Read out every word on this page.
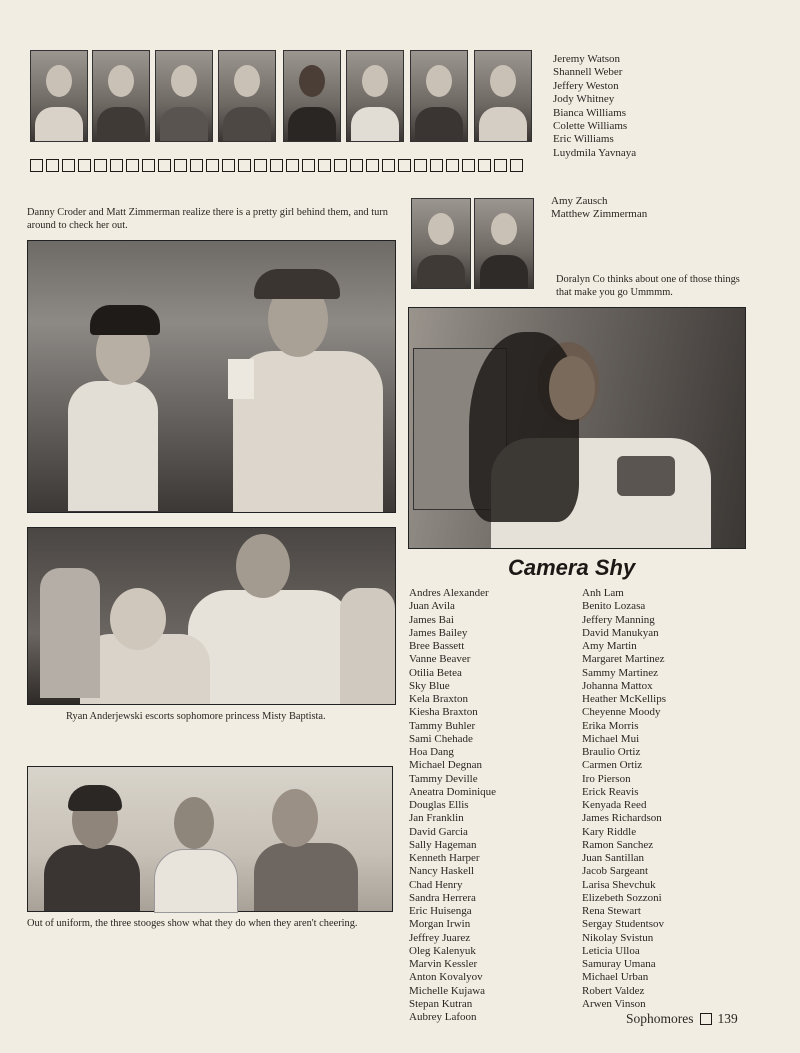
Jeremy Watson
Shannell Weber
Jeffery Weston
Jody Whitney
Bianca Williams
Colette Williams
Eric Williams
Luydmila Yavnaya
Amy Zausch
Matthew Zimmerman
Danny Croder and Matt Zimmerman realize there is a pretty girl behind them, and turn around to check her out.
Doralyn Co thinks about one of those things that make you go Ummmm.
Ryan Anderjewski escorts sophomore princess Misty Baptista.
Out of uniform, the three stooges show what they do when they aren't cheering.
Camera Shy
Andres Alexander
Juan Avila
James Bai
James Bailey
Bree Bassett
Vanne Beaver
Otilia Betea
Sky Blue
Kela Braxton
Kiesha Braxton
Tammy Buhler
Sami Chehade
Hoa Dang
Michael Degnan
Tammy Deville
Aneatra Dominique
Douglas Ellis
Jan Franklin
David Garcia
Sally Hageman
Kenneth Harper
Nancy Haskell
Chad Henry
Sandra Herrera
Eric Huisenga
Morgan Irwin
Jeffrey Juarez
Oleg Kalenyuk
Marvin Kessler
Anton Kovalyov
Michelle Kujawa
Stepan Kutran
Aubrey Lafoon
Anh Lam
Benito Lozasa
Jeffery Manning
David Manukyan
Amy Martin
Margaret Martinez
Sammy Martinez
Johanna Mattox
Heather McKellips
Cheyenne Moody
Erika Morris
Michael Mui
Braulio Ortiz
Carmen Ortiz
Iro Pierson
Erick Reavis
Kenyada Reed
James Richardson
Kary Riddle
Ramon Sanchez
Juan Santillan
Jacob Sargeant
Larisa Shevchuk
Elizebeth Sozzoni
Rena Stewart
Sergay Studentsov
Nikolay Svistun
Leticia Ulloa
Samuray Umana
Michael Urban
Robert Valdez
Arwen Vinson
Sophomores 139
